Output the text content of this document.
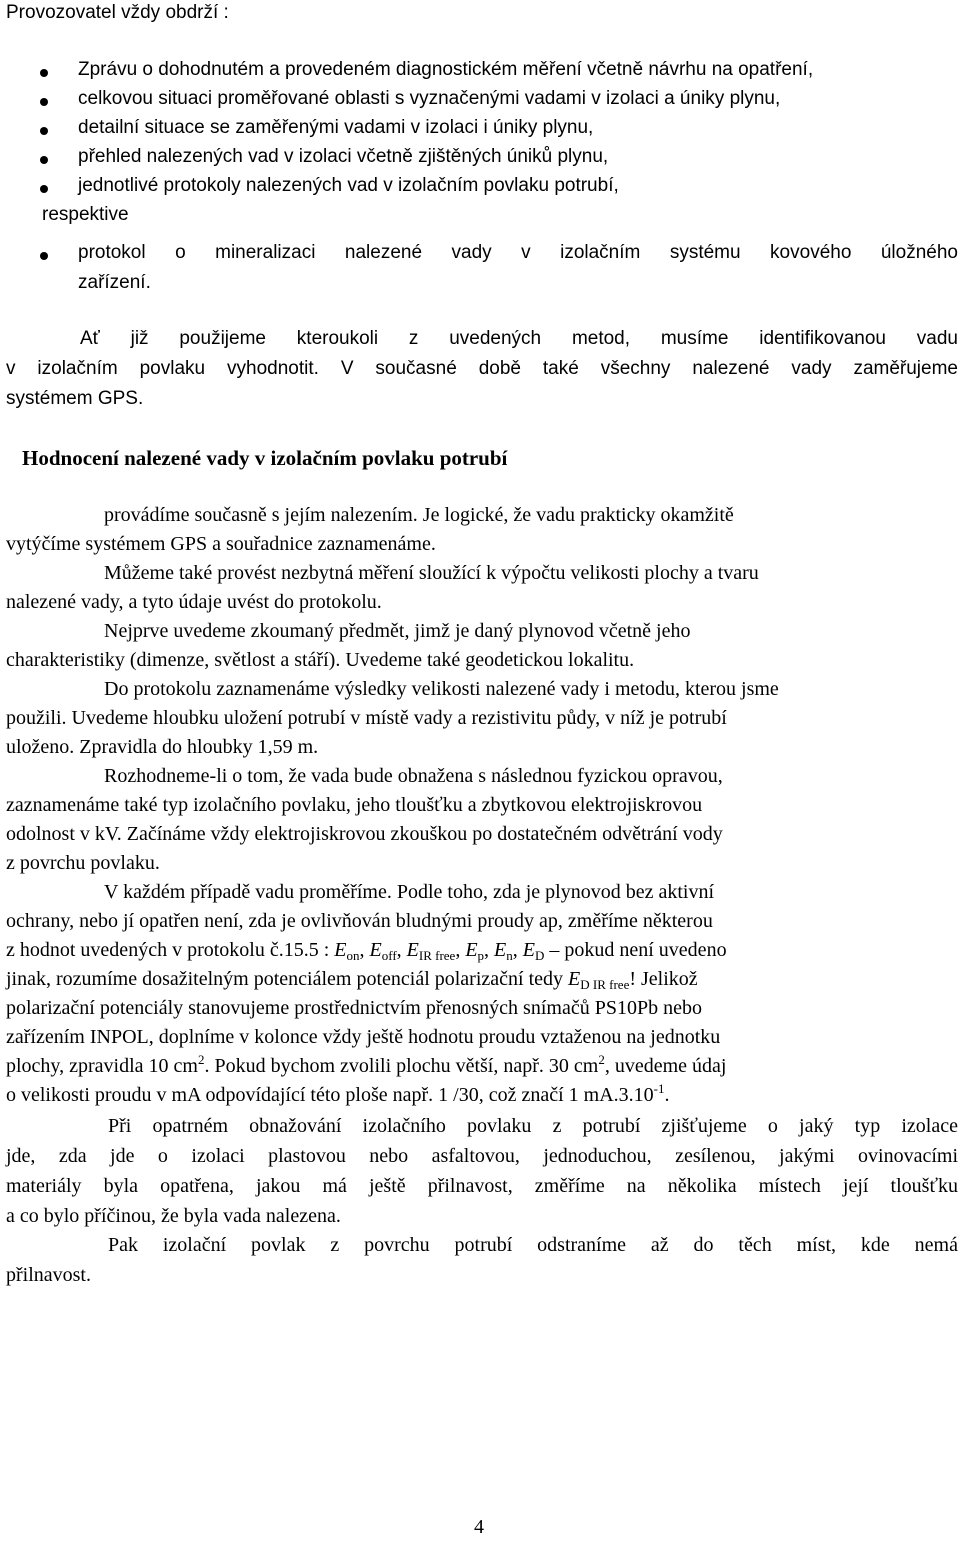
Provozovatel vždy obdrží :
Zprávu o dohodnutém a provedeném diagnostickém měření včetně návrhu na opatření,
celkovou situaci proměřované oblasti s vyznačenými vadami v izolaci a úniky plynu,
detailní situace se zaměřenými vadami v izolaci i úniky plynu,
přehled nalezených vad v izolaci včetně zjištěných úniků plynu,
jednotlivé protokoly nalezených vad v izolačním povlaku potrubí,
respektive
protokol o mineralizaci nalezené vady v izolačním systému kovového úložného
zařízení.
Ať již použijeme kteroukoli z uvedených metod, musíme identifikovanou vadu
v izolačním povlaku vyhodnotit. V současné době také všechny nalezené vady zaměřujeme
systémem GPS.
Hodnocení nalezené vady v izolačním povlaku potrubí
provádíme současně s jejím nalezením. Je logické, že vadu prakticky okamžitě
vytýčíme systémem GPS a souřadnice zaznamenáme.
Můžeme také provést nezbytná měření sloužící k výpočtu velikosti plochy a tvaru
nalezené vady, a tyto údaje uvést do protokolu.
Nejprve uvedeme zkoumaný předmět, jimž je daný plynovod včetně jeho
charakteristiky (dimenze, světlost a stáří). Uvedeme také geodetickou lokalitu.
Do protokolu zaznamenáme výsledky velikosti nalezené vady i metodu, kterou jsme
použili. Uvedeme hloubku uložení potrubí v místě vady a rezistivitu půdy, v níž je potrubí
uloženo. Zpravidla do hloubky 1,59 m.
Rozhodneme-li o tom, že vada bude obnažena s následnou fyzickou opravou,
zaznamenáme také typ izolačního povlaku, jeho tloušťku a zbytkovou elektrojiskrovou
odolnost v kV. Začínáme vždy elektrojiskrovou zkouškou po dostatečném odvětrání vody
z povrchu povlaku.
V každém případě vadu proměříme. Podle toho, zda je plynovod bez aktivní
ochrany, nebo jí opatřen není, zda je ovlivňován bludnými proudy ap, změříme některou
z hodnot uvedených v protokolu č.15.5 : $E_{on}$, $E_{off}$, $E_{IR free}$, $E_p$, $E_n$, $E_D$ – pokud není uvedeno
jinak, rozumíme dosažitelným potenciálem potenciál polarizační tedy $E_{D IR free}$! Jelikož
polarizační potenciály stanovujeme prostřednictvím přenosných snímačů PS10Pb nebo
zařízením INPOL, doplníme v kolonce vždy ještě hodnotu proudu vztaženou na jednotku
plochy, zpravidla 10 $cm^2$. Pokud bychom zvolili plochu větší, např. 30 $cm^2$, uvedeme údaj
o velikosti proudu v mA odpovídající této ploše např. 1 /30, což značí 1 $mA.3.10^{-1}$.
Při opatrném obnažování izolačního povlaku z potrubí zjišťujeme o jaký typ izolace
jde, zda jde o izolaci plastovou nebo asfaltovou, jednoduchou, zesílenou, jakými ovinovacími
materiály byla opatřena, jakou má ještě přilnavost, změříme na několika místech její tloušťku
a co bylo příčinou, že byla vada nalezena.
Pak izolační povlak z povrchu potrubí odstraníme až do těch míst, kde nemá
přilnavost.
4
